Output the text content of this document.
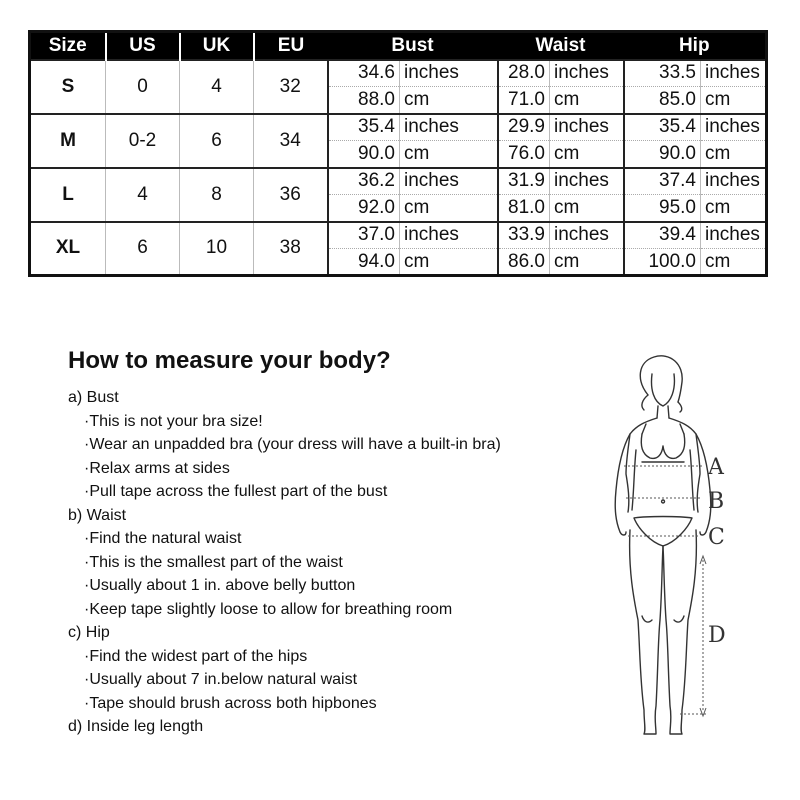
Size	US	UK	EU	Bust		Waist		Hip	
S	0	4	32	34.6	inches	28.0	inches	33.5	inches
				88.0	cm	71.0	cm	85.0	cm
M	0-2	6	34	35.4	inches	29.9	inches	35.4	inches
				90.0	cm	76.0	cm	90.0	cm
L	4	8	36	36.2	inches	31.9	inches	37.4	inches
				92.0	cm	81.0	cm	95.0	cm
XL	6	10	38	37.0	inches	33.9	inches	39.4	inches
				94.0	cm	86.0	cm	100.0	cm
How to measure your body?
a) Bust
·This is not your bra size!
·Wear an unpadded bra (your dress will have a built-in bra)
·Relax arms at sides
·Pull tape across the fullest part of the bust
b) Waist
·Find the natural waist
·This is the smallest part of the waist
·Usually about 1 in. above belly button
·Keep tape slightly loose to allow for breathing room
c) Hip
·Find the widest part of the hips
·Usually about 7 in.below natural waist
·Tape should brush across both hipbones
d) Inside leg length
A
B
C
D
